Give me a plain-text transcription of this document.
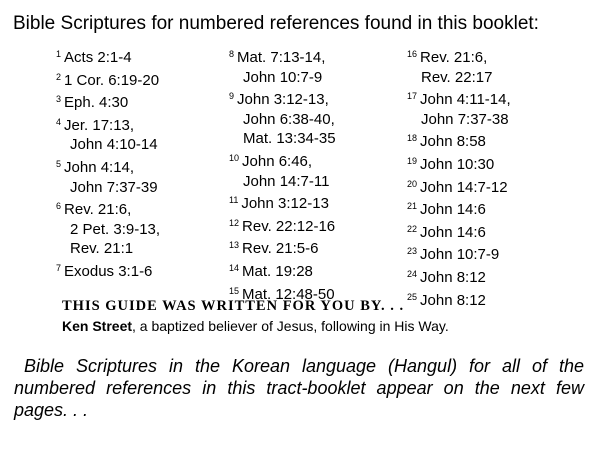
Bible Scriptures for numbered references found in this booklet:
$^1$ Acts 2:1-4
$^2$ 1 Cor. 6:19-20
$^3$ Eph. 4:30
$^4$ Jer. 17:13,
John 4:10-14
$^5$ John 4:14,
John 7:37-39
$^6$ Rev. 21:6,
2 Pet. 3:9-13,
Rev. 21:1
$^7$ Exodus 3:1-6
$^8$ Mat. 7:13-14,
John 10:7-9
$^9$ John 3:12-13,
John 6:38-40,
Mat. 13:34-35
$^{10}$ John 6:46,
John 14:7-11
$^{11}$ John 3:12-13
$^{12}$ Rev. 22:12-16
$^{13}$ Rev. 21:5-6
$^{14}$ Mat. 19:28
$^{15}$ Mat. 12:48-50
$^{16}$ Rev. 21:6,
Rev. 22:17
$^{17}$ John 4:11-14,
John 7:37-38
$^{18}$ John 8:58
$^{19}$ John 10:30
$^{20}$ John 14:7-12
$^{21}$ John 14:6
$^{22}$ John 14:6
$^{23}$ John 10:7-9
$^{24}$ John 8:12
$^{25}$ John 8:12
THIS GUIDE WAS WRITTEN FOR YOU BY. . .
Ken Street, a baptized believer of Jesus, following in His Way.
Bible Scriptures in the Korean language (Hangul) for all of the numbered references in this tract-booklet appear on the next few pages. . .
